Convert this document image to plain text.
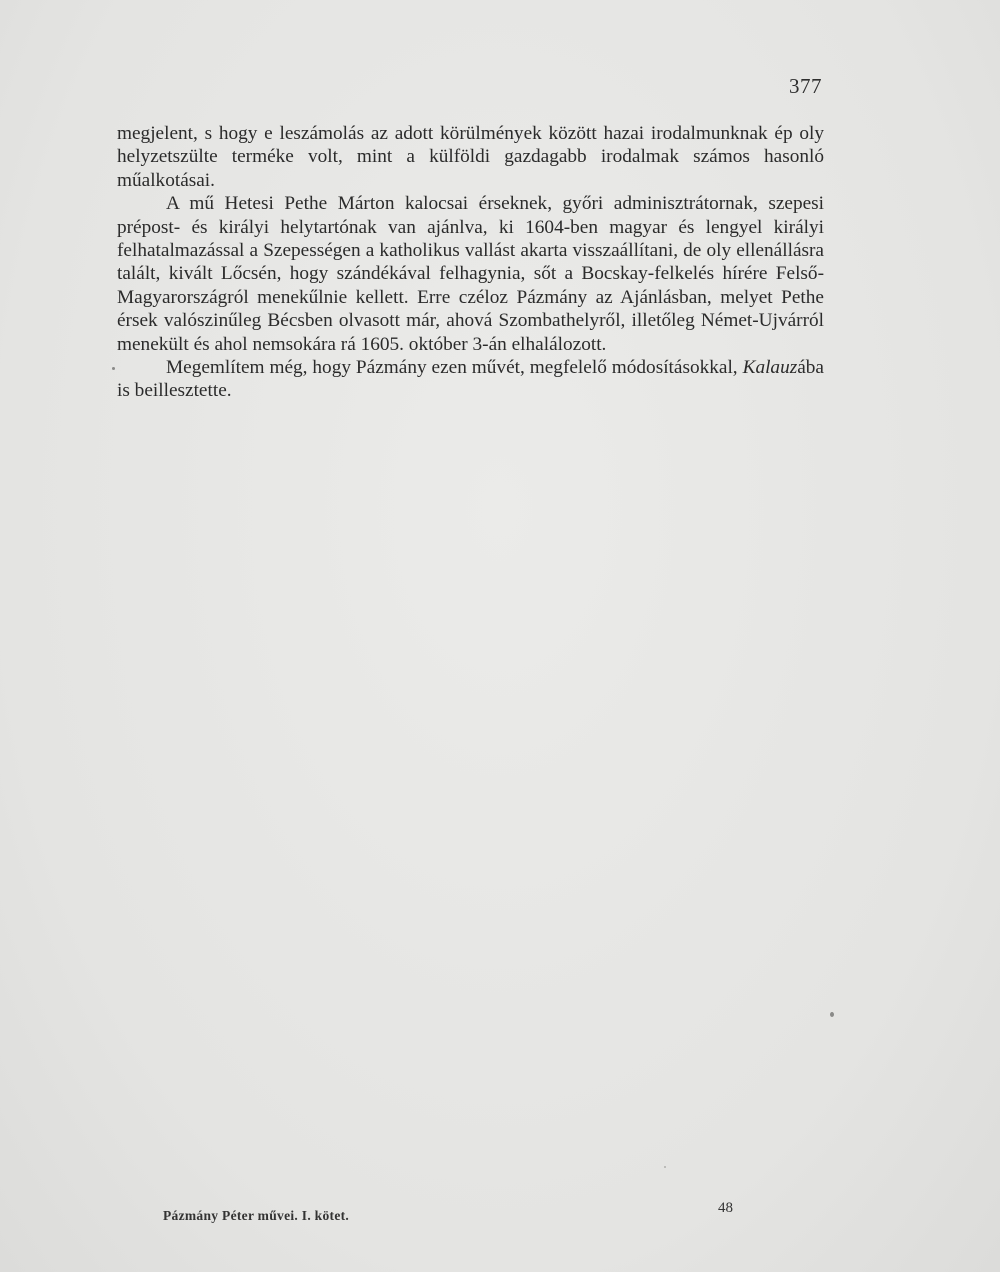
377

megjelent, s hogy e leszámolás az adott körülmények között hazai irodalmunknak ép oly helyzetszülte terméke volt, mint a külföldi gazdagabb irodalmak számos hasonló műalkotásai.

A mű Hetesi Pethe Márton kalocsai érseknek, győri adminisztrátornak, szepesi prépost- és királyi helytartónak van ajánlva, ki 1604-ben magyar és lengyel királyi felhatalmazással a Szepességen a katholikus vallást akarta visszaállítani, de oly ellenállásra talált, kivált Lőcsén, hogy szándékával felhagynia, sőt a Bocskay-felkelés hírére Felső-Magyarországról menekűlnie kellett. Erre czéloz Pázmány az Ajánlásban, melyet Pethe érsek valószinűleg Bécsben olvasott már, ahová Szombathelyről, illetőleg Német-Ujvárról menekült és ahol nemsokára rá 1605. október 3-án elhalálozott.

Megemlítem még, hogy Pázmány ezen művét, megfelelő módosításokkal, Kalauzába is beillesztette.

Pázmány Péter művei. I. kötet.	48
